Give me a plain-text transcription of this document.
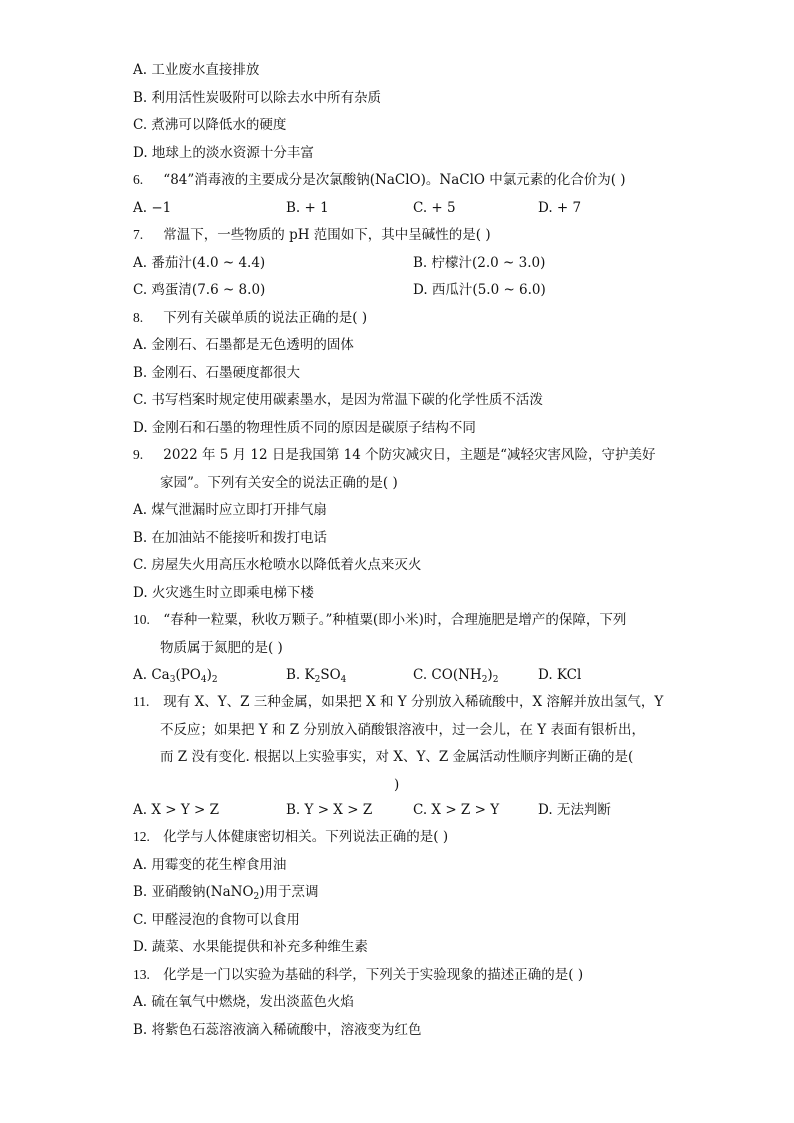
A. 工业废水直接排放
B. 利用活性炭吸附可以除去水中所有杂质
C. 煮沸可以降低水的硬度
D. 地球上的淡水资源十分丰富
6. “84”消毒液的主要成分是次氯酸钠(NaClO)。NaClO 中氯元素的化合价为( )
A. −1	B. + 1	C. + 5	D. + 7
7. 常温下，一些物质的 pH 范围如下，其中呈碱性的是( )
A. 番茄汁(4.0 ~ 4.4)	B. 柠檬汁(2.0 ~ 3.0)
C. 鸡蛋清(7.6 ~ 8.0)	D. 西瓜汁(5.0 ~ 6.0)
8. 下列有关碳单质的说法正确的是( )
A. 金刚石、石墨都是无色透明的固体
B. 金刚石、石墨硬度都很大
C. 书写档案时规定使用碳素墨水，是因为常温下碳的化学性质不活泼
D. 金刚石和石墨的物理性质不同的原因是碳原子结构不同
9. 2022 年 5 月 12 日是我国第 14 个防灾减灾日，主题是“减轻灾害风险，守护美好
家园”。下列有关安全的说法正确的是( )
A. 煤气泄漏时应立即打开排气扇
B. 在加油站不能接听和拨打电话
C. 房屋失火用高压水枪喷水以降低着火点来灭火
D. 火灾逃生时立即乘电梯下楼
10. “春种一粒粟，秋收万颗子。”种植粟(即小米)时，合理施肥是增产的保障，下列
物质属于氮肥的是( )
A. $Ca_3(PO_4)_2$	B. $K_2SO_4$	C. $CO(NH_2)_2$	D. KCl
11. 现有 X、Y、Z 三种金属，如果把 X 和 Y 分别放入稀硫酸中，X 溶解并放出氢气，Y
不反应；如果把 Y 和 Z 分别放入硝酸银溶液中，过一会儿，在 Y 表面有银析出，
而 Z 没有变化. 根据以上实验事实，对 X、Y、Z 金属活动性顺序判断正确的是(
)
A. X > Y > Z	B. Y > X > Z	C. X > Z > Y	D. 无法判断
12. 化学与人体健康密切相关。下列说法正确的是( )
A. 用霉变的花生榨食用油
B. 亚硝酸钠(NaNO$_2$)用于烹调
C. 甲醛浸泡的食物可以食用
D. 蔬菜、水果能提供和补充多种维生素
13. 化学是一门以实验为基础的科学，下列关于实验现象的描述正确的是( )
A. 硫在氧气中燃烧，发出淡蓝色火焰
B. 将紫色石蕊溶液滴入稀硫酸中，溶液变为红色
